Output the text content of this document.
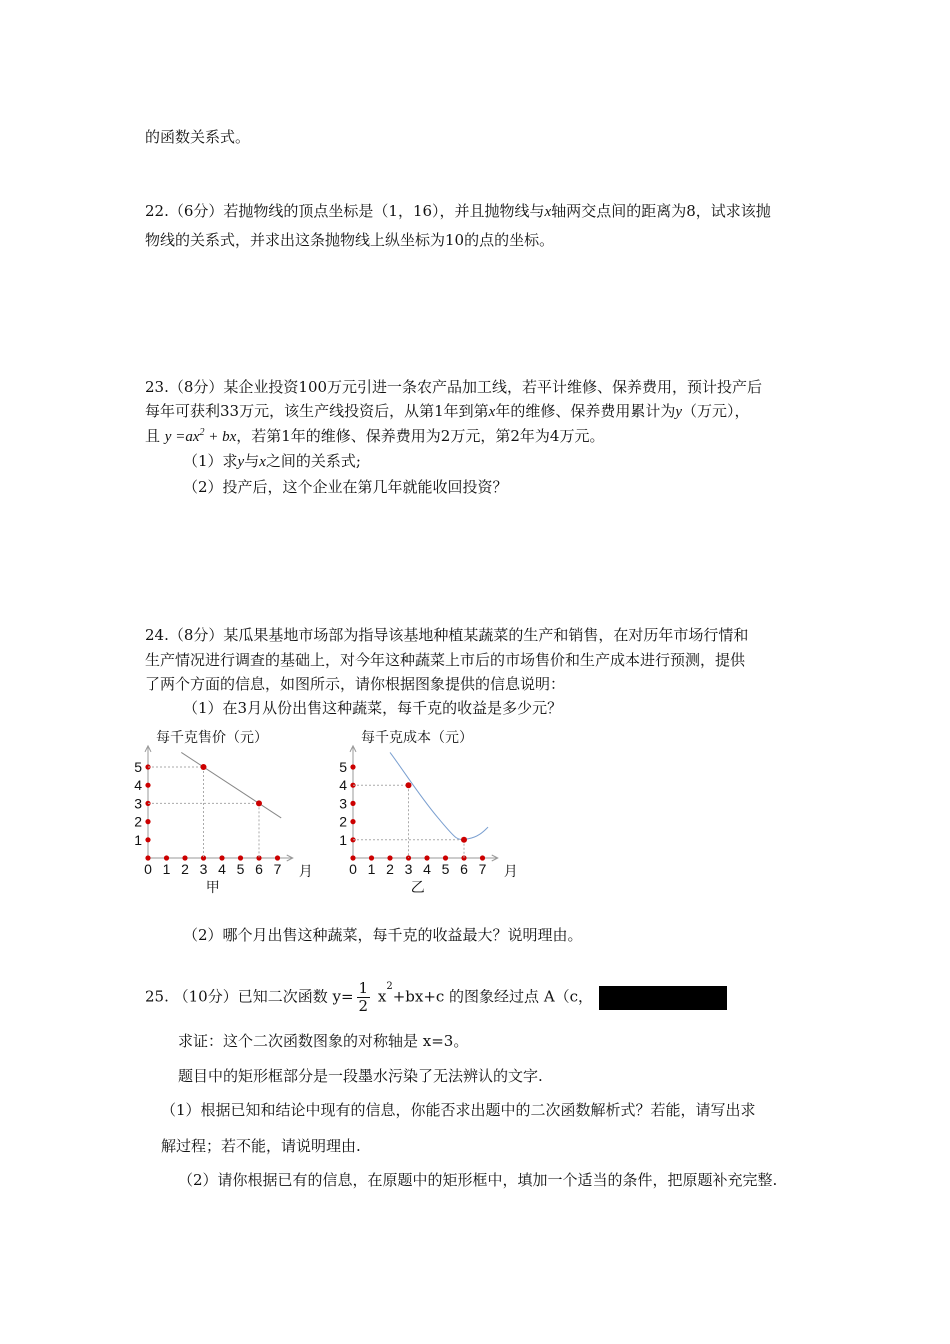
的函数关系式。
22.（6分）若抛物线的顶点坐标是（1，16），并且抛物线与x轴两交点间的距离为8，试求该抛
物线的关系式，并求出这条抛物线上纵坐标为10的点的坐标。
23.（8分）某企业投资100万元引进一条农产品加工线，若平计维修、保养费用，预计投产后
每年可获利33万元，该生产线投资后，从第1年到第x年的维修、保养费用累计为y（万元），
且 $y =ax^2$ + bx，若第1年的维修、保养费用为2万元，第2年为4万元。
（1）求y与x之间的关系式;
（2）投产后，这个企业在第几年就能收回投资？
24.（8分）某瓜果基地市场部为指导该基地种植某蔬菜的生产和销售，在对历年市场行情和
生产情况进行调查的基础上，对今年这种蔬菜上市后的市场售价和生产成本进行预测，提供
了两个方面的信息，如图所示，请你根据图象提供的信息说明：
（1）在3月从份出售这种蔬菜，每千克的收益是多少元？
每千克售价（元）
0 1 2 3 4 5 6 7 月
1
2
3
4
5
甲
每千克成本（元）
0 1 2 3 4 5 6 7 月
1
2
3
4
5
乙
（2）哪个月出售这种蔬菜，每千克的收益最大？说明理由。
25. （10分）已知二次函数 $y= \frac{1}{2} x^2+bx+c$ 的图象经过点 A（c，
求证：这个二次函数图象的对称轴是 x=3。
题目中的矩形框部分是一段墨水污染了无法辨认的文字.
（1）根据已知和结论中现有的信息，你能否求出题中的二次函数解析式？若能，请写出求
解过程；若不能，请说明理由.
（2）请你根据已有的信息，在原题中的矩形框中，填加一个适当的条件，把原题补充完整.
